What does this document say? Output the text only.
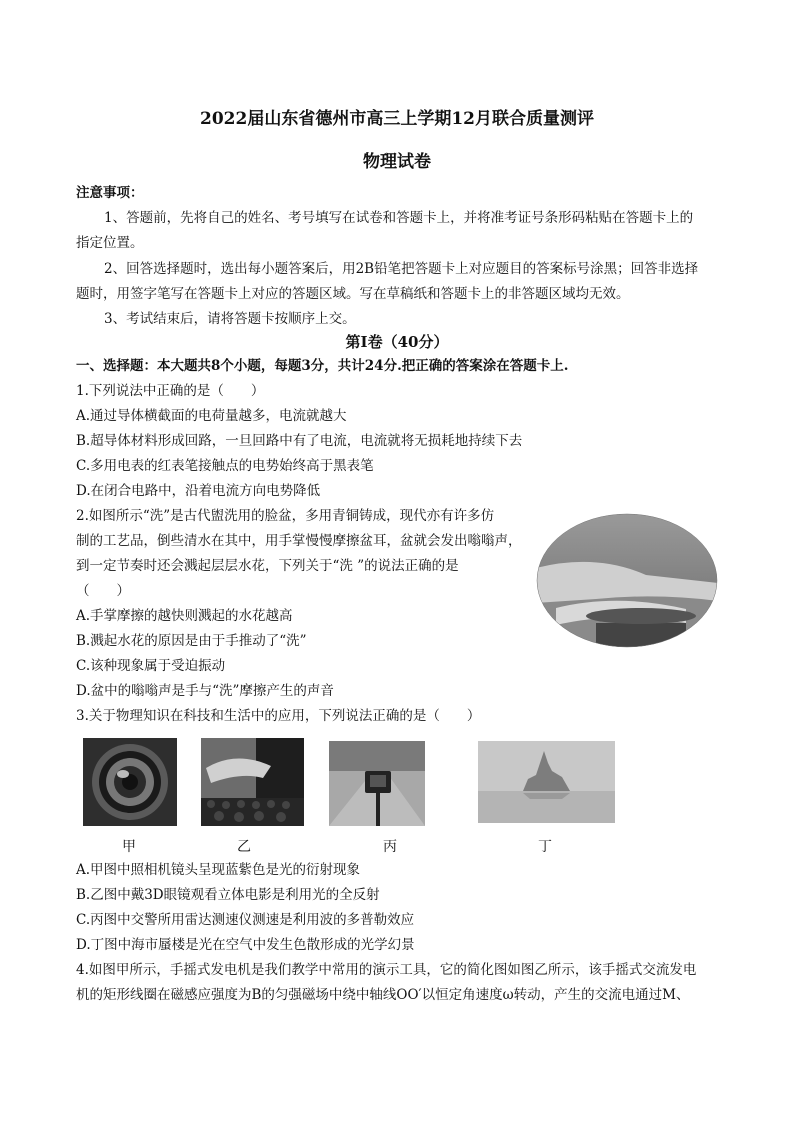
2022届山东省德州市高三上学期12月联合质量测评
物理试卷
注意事项：
1、答题前，先将自己的姓名、考号填写在试卷和答题卡上，并将准考证号条形码粘贴在答题卡上的
指定位置。
2、回答选择题时，选出每小题答案后，用2B铅笔把答题卡上对应题目的答案标号涂黑；回答非选择
题时，用签字笔写在答题卡上对应的答题区域。写在草稿纸和答题卡上的非答题区域均无效。
3、考试结束后，请将答题卡按顺序上交。
第Ⅰ卷（40分）
一、选择题：本大题共8个小题，每题3分，共计24分.把正确的答案涂在答题卡上.
1.下列说法中正确的是（　　）
A.通过导体横截面的电荷量越多，电流就越大
B.超导体材料形成回路，一旦回路中有了电流，电流就将无损耗地持续下去
C.多用电表的红表笔接触点的电势始终高于黑表笔
D.在闭合电路中，沿着电流方向电势降低
2.如图所示“洗”是古代盥洗用的脸盆，多用青铜铸成，现代亦有许多仿
制的工艺品，倒些清水在其中，用手掌慢慢摩擦盆耳，盆就会发出嗡嗡声，
到一定节奏时还会溅起层层水花，下列关于“洗 ”的说法正确的是
（　　）
A.手掌摩擦的越快则溅起的水花越高
B.溅起水花的原因是由于手推动了“洗”
C.该种现象属于受迫振动
D.盆中的嗡嗡声是手与“洗”摩擦产生的声音
3.关于物理知识在科技和生活中的应用，下列说法正确的是（　　）
甲	乙	丙	丁
A.甲图中照相机镜头呈现蓝紫色是光的衍射现象
B.乙图中戴3D眼镜观看立体电影是利用光的全反射
C.丙图中交警所用雷达测速仪测速是利用波的多普勒效应
D.丁图中海市蜃楼是光在空气中发生色散形成的光学幻景
4.如图甲所示，手摇式发电机是我们教学中常用的演示工具，它的简化图如图乙所示，该手摇式交流发电
机的矩形线圈在磁感应强度为B的匀强磁场中绕中轴线OO′以恒定角速度ω转动，产生的交流电通过M、
